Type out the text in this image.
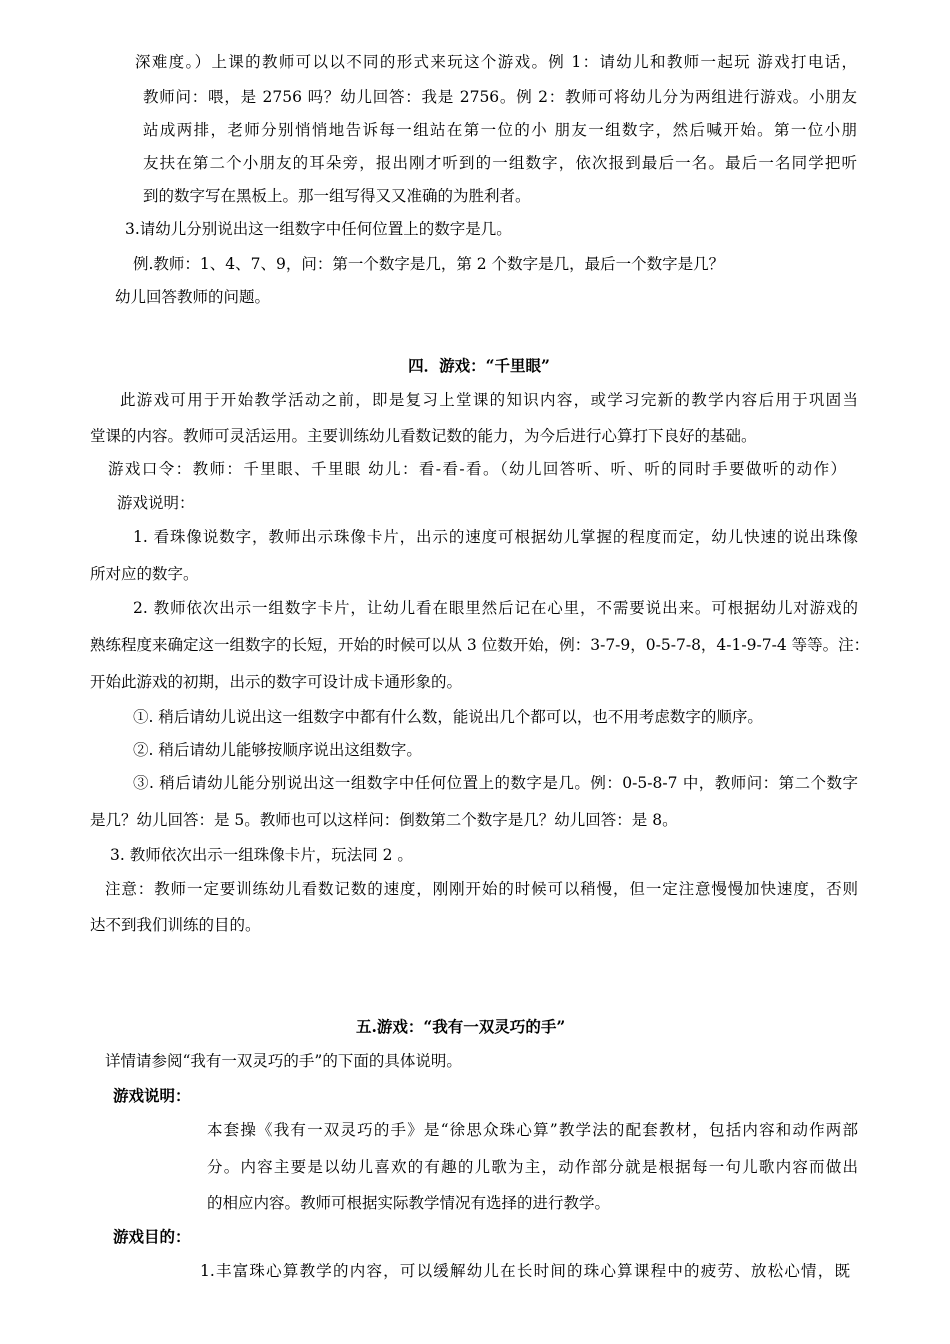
深难度。）上课的教师可以以不同的形式来玩这个游戏。例 1：请幼儿和教师一起玩 游戏打电话，
教师问：喂，是 2756 吗？幼儿回答：我是 2756。例 2：教师可将幼儿分为两组进行游戏。小朋友
站成两排，老师分别悄悄地告诉每一组站在第一位的小 朋友一组数字，然后喊开始。第一位小朋
友扶在第二个小朋友的耳朵旁，报出刚才听到的一组数字，依次报到最后一名。最后一名同学把听
到的数字写在黑板上。那一组写得又又准确的为胜利者。
3.请幼儿分别说出这一组数字中任何位置上的数字是几。
例.教师：1、4、7、9，问：第一个数字是几，第 2 个数字是几，最后一个数字是几？
幼儿回答教师的问题。
四．游戏：“千里眼”
此游戏可用于开始教学活动之前，即是复习上堂课的知识内容，或学习完新的教学内容后用于巩固当
堂课的内容。教师可灵活运用。主要训练幼儿看数记数的能力，为今后进行心算打下良好的基础。
游戏口令：教师：千里眼、千里眼 幼儿：看-看-看。（幼儿回答听、听、听的同时手要做听的动作）
游戏说明：
1. 看珠像说数字，教师出示珠像卡片，出示的速度可根据幼儿掌握的程度而定，幼儿快速的说出珠像
所对应的数字。
2. 教师依次出示一组数字卡片，让幼儿看在眼里然后记在心里，不需要说出来。可根据幼儿对游戏的
熟练程度来确定这一组数字的长短，开始的时候可以从 3 位数开始，例：3-7-9，0-5-7-8，4-1-9-7-4 等等。注：
开始此游戏的初期，出示的数字可设计成卡通形象的。
①. 稍后请幼儿说出这一组数字中都有什么数，能说出几个都可以，也不用考虑数字的顺序。
②. 稍后请幼儿能够按顺序说出这组数字。
③. 稍后请幼儿能分别说出这一组数字中任何位置上的数字是几。例：0-5-8-7 中，教师问：第二个数字
是几？幼儿回答：是 5。教师也可以这样问：倒数第二个数字是几？幼儿回答：是 8。
3. 教师依次出示一组珠像卡片，玩法同 2 。
注意：教师一定要训练幼儿看数记数的速度，刚刚开始的时候可以稍慢，但一定注意慢慢加快速度，否则
达不到我们训练的目的。
五.游戏：“我有一双灵巧的手”
详情请参阅“我有一双灵巧的手”的下面的具体说明。
游戏说明：
本套操《我有一双灵巧的手》是“徐思众珠心算”教学法的配套教材，包括内容和动作两部
分。内容主要是以幼儿喜欢的有趣的儿歌为主，动作部分就是根据每一句儿歌内容而做出
的相应内容。教师可根据实际教学情况有选择的进行教学。
游戏目的：
1.丰富珠心算教学的内容，可以缓解幼儿在长时间的珠心算课程中的疲劳、放松心情，既
